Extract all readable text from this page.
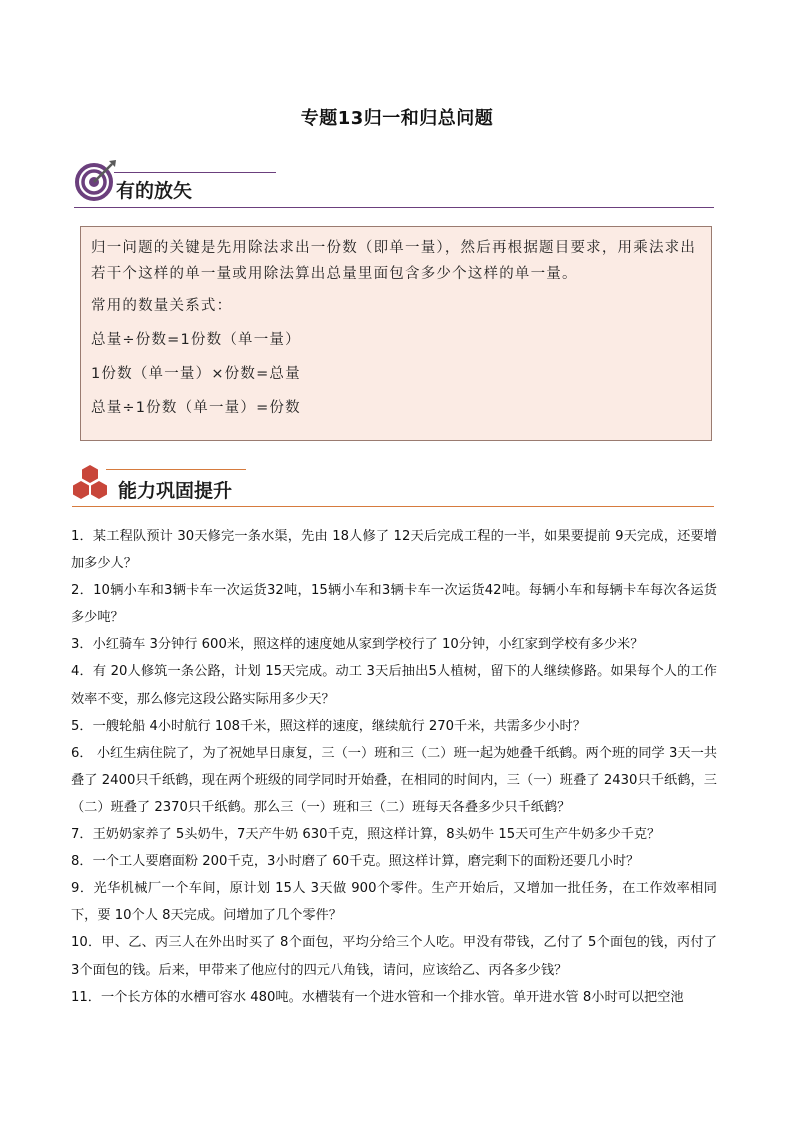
专题13归一和归总问题
有的放矢

归一问题的关键是先用除法求出一份数（即单一量），然后再根据题目要求，用乘法求出若干个这样的单一量或用除法算出总量里面包含多少个这样的单一量。

常用的数量关系式：

总量÷份数=1份数（单一量）

1份数（单一量）×份数=总量

总量÷1份数（单一量）=份数

能力巩固提升

1．某工程队预计 30天修完一条水渠，先由 18人修了 12天后完成工程的一半，如果要提前 9天完成，还要增加多少人？

2．10辆小车和3辆卡车一次运货32吨，15辆小车和3辆卡车一次运货42吨。每辆小车和每辆卡车每次各运货多少吨？

3．小红骑车 3分钟行 600米，照这样的速度她从家到学校行了 10分钟，小红家到学校有多少米？

4．有 20人修筑一条公路，计划 15天完成。动工 3天后抽出5人植树，留下的人继续修路。如果每个人的工作效率不变，那么修完这段公路实际用多少天？

5．一艘轮船 4小时航行 108千米，照这样的速度，继续航行 270千米，共需多少小时？

6． 小红生病住院了，为了祝她早日康复，三（一）班和三（二）班一起为她叠千纸鹤。两个班的同学 3天一共叠了 2400只千纸鹤，现在两个班级的同学同时开始叠，在相同的时间内，三（一）班叠了 2430只千纸鹤，三（二）班叠了 2370只千纸鹤。那么三（一）班和三（二）班每天各叠多少只千纸鹤？

7．王奶奶家养了 5头奶牛，7天产牛奶 630千克，照这样计算，8头奶牛 15天可生产牛奶多少千克？

8．一个工人要磨面粉 200千克，3小时磨了 60千克。照这样计算，磨完剩下的面粉还要几小时？

9．光华机械厂一个车间，原计划 15人 3天做 900个零件。生产开始后，又增加一批任务，在工作效率相同下，要 10个人 8天完成。问增加了几个零件？

10．甲、乙、丙三人在外出时买了 8个面包，平均分给三个人吃。甲没有带钱，乙付了 5个面包的钱，丙付了 3个面包的钱。后来，甲带来了他应付的四元八角钱，请问，应该给乙、丙各多少钱？

11．一个长方体的水槽可容水 480吨。水槽装有一个进水管和一个排水管。单开进水管 8小时可以把空池
